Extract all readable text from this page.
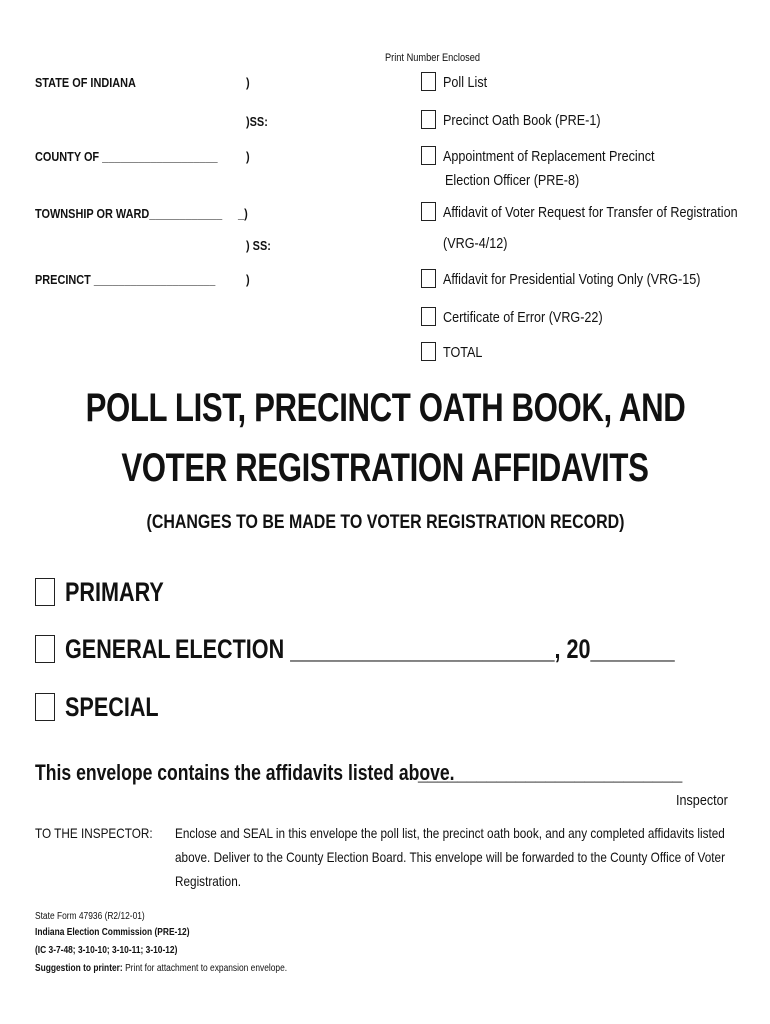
Print Number Enclosed
STATE OF INDIANA	)
)SS:
COUNTY OF ___________________ )
TOWNSHIP OR WARD____________ _)
) SS:
PRECINCT ____________________ )
Poll List
Precinct Oath Book (PRE-1)
Appointment of Replacement Precinct
Election Officer (PRE-8)
Affidavit of Voter Request for Transfer of Registration
(VRG-4/12)
Affidavit for Presidential Voting Only (VRG-15)
Certificate of Error (VRG-22)
TOTAL
POLL LIST, PRECINCT OATH BOOK, AND
VOTER REGISTRATION AFFIDAVITS
(CHANGES TO BE MADE TO VOTER REGISTRATION RECORD)
PRIMARY
GENERAL ELECTION ______________________, 20_______
SPECIAL
This envelope contains the affidavits listed above.
___________________________
Inspector
TO THE INSPECTOR: Enclose and SEAL in this envelope the poll list, the precinct oath book, and any completed affidavits listed
above. Deliver to the County Election Board. This envelope will be forwarded to the County Office of Voter
Registration.
State Form 47936 (R2/12-01)
Indiana Election Commission (PRE-12)
(IC 3-7-48; 3-10-10; 3-10-11; 3-10-12)
Suggestion to printer: Print for attachment to expansion envelope.
